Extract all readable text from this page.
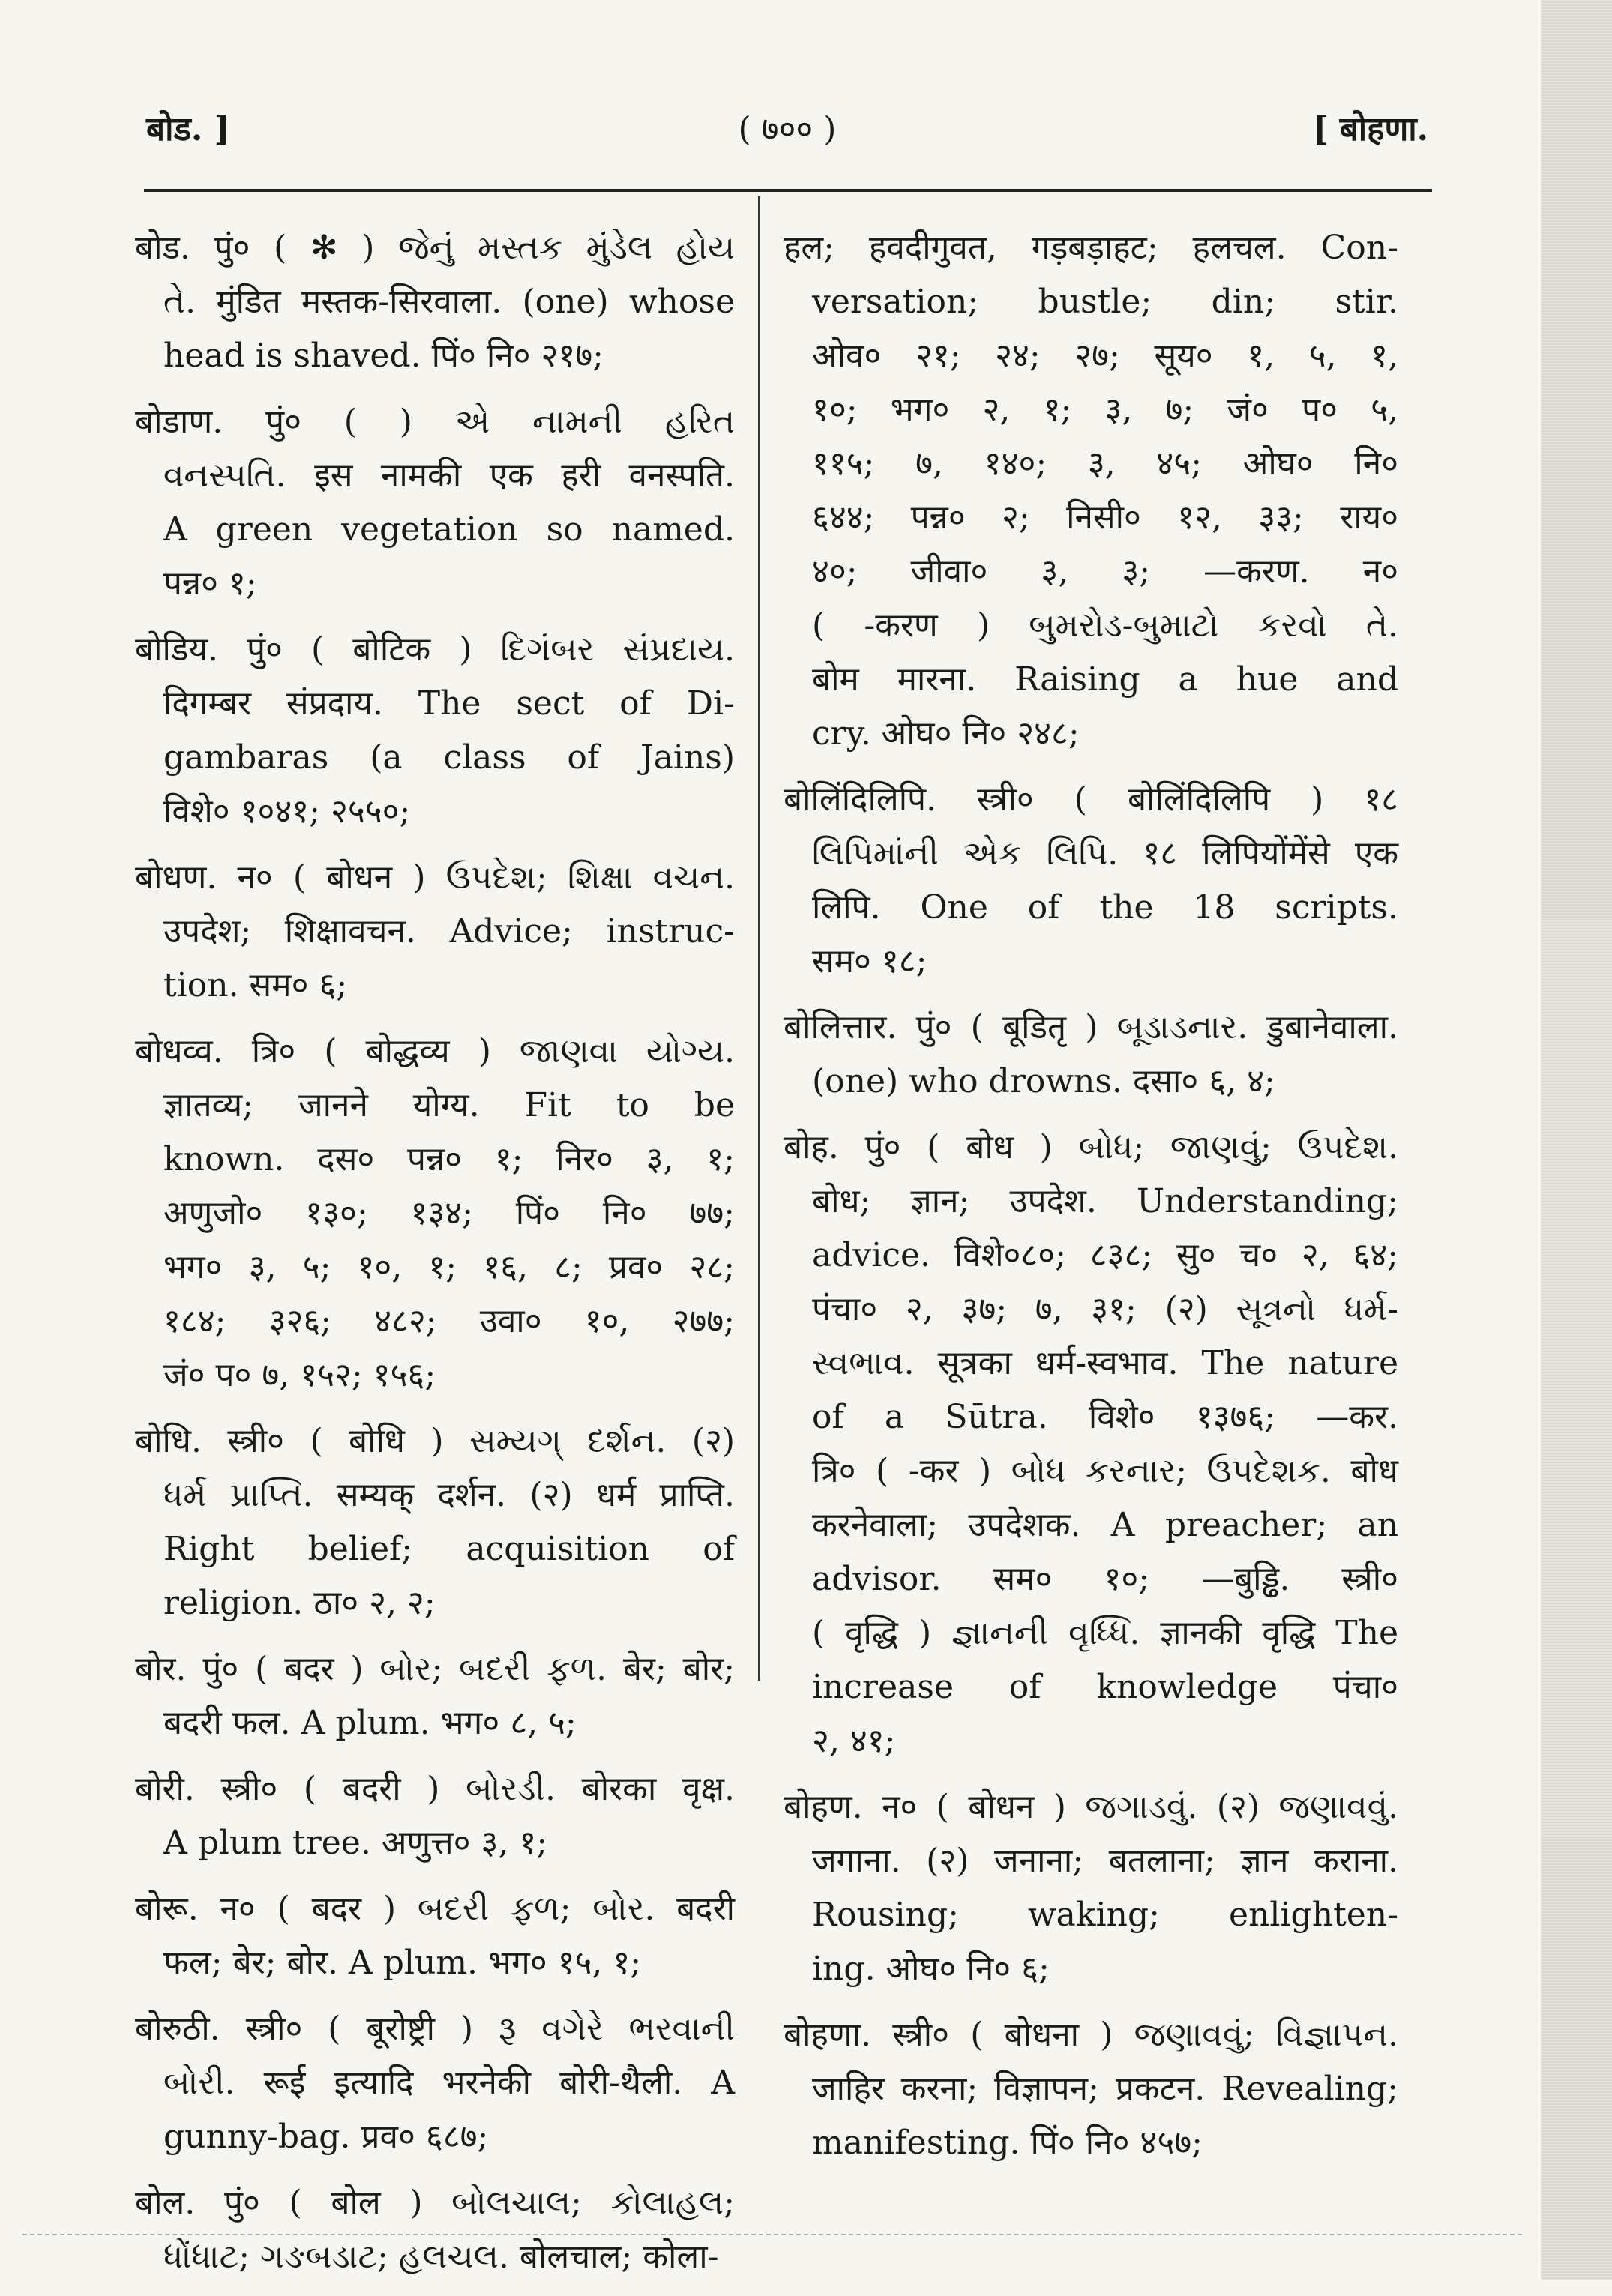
बोड. ]	( ७०० )	[ बोहणा.
बोड. पुं० ( ✻ ) જેનું મસ્તક મુંડેલ હોય
તે. मुंडित मस्तक-सिरवाला. (one) whose
head is shaved. पिं० नि० २१७;
बोडाण. पुं० ( ) એ નામની હરિત
વનસ્પતિ. इस नामकी एक हरी वनस्पति.
A green vegetation so named.
पन्न० १;
बोडिय. पुं० ( बोटिक ) દિગંબર સંપ્રદાય.
दिगम्बर संप्रदाय. The sect of Di-
gambaras (a class of Jains)
विशे० १०४१; २५५०;
बोधण. न० ( बोधन ) ઉપદેશ; શિક્ષા વચન.
उपदेश; शिक्षावचन. Advice; instruc-
tion. सम० ६;
बोधव्व. त्रि० ( बोद्धव्य ) જાણવા યોગ્ય.
ज्ञातव्य; जानने योग्य. Fit to be
known. दस० पन्न० १; निर० ३, १;
अणुजो० १३०; १३४; पिं० नि० ७७;
भग० ३, ५; १०, १; १६, ८; प्रव० २८;
१८४; ३२६; ४८२; उवा० १०, २७७;
जं० प० ७, १५२; १५६;
बोधि. स्त्री० ( बोधि ) સમ્યગ્ દર્શન. (२)
ધર્મ પ્રાપ્તિ. सम्यक् दर्शन. (२) धर्म प्राप्ति.
Right belief; acquisition of
religion. ठा० २, २;
बोर. पुं० ( बदर ) બોર; બદરી ફળ. बेर; बोर;
बदरी फल. A plum. भग० ८, ५;
बोरी. स्त्री० ( बदरी ) બોરડી. बोरका वृक्ष.
A plum tree. अणुत्त० ३, १;
बोरू. न० ( बदर ) બદરી ફળ; બોર. बदरी
फल; बेर; बोर. A plum. भग० १५, १;
बोरुठी. स्त्री० ( बूरोष्ट्री ) રૂ વગેરે ભરવાની
બોરી. रूई इत्यादि भरनेकी बोरी-थैली. A
gunny-bag. प्रव० ६८७;
बोल. पुं० ( बोल ) બોલચાલ; કોલાહલ;
ધોંધાટ; ગઙબડાટ; હલચલ. बोलचाल; कोला-
हल; हवदीगुवत, गड़बड़ाहट; हलचल. Con-
versation; bustle; din; stir.
ओव० २१; २४; २७; सूय० १, ५, १,
१०; भग० २, १; ३, ७; जं० प० ५,
११५; ७, १४०; ३, ४५; ओघ० नि०
६४४; पन्न० २; निसी० १२, ३३; राय०
४०; जीवा० ३, ३; —करण. न०
( -करण ) બુમરોડ-બુમાટો કરવો તે.
बोम मारना. Raising a hue and
cry. ओघ० नि० २४८;
बोलिंदिलिपि. स्त्री० ( बोलिंदिलिपि ) १८
લિપિમાંની એક લિપિ. १८ लिपियोंमेंसे एक
लिपि. One of the 18 scripts.
सम० १८;
बोलित्तार. पुं० ( बूडितृ ) બૂડાડનાર. डुबानेवाला.
(one) who drowns. दसा० ६, ४;
बोह. पुं० ( बोध ) બોધ; જાણવું; ઉપદેશ.
बोध; ज्ञान; उपदेश. Understanding;
advice. विशे०८०; ८३८; सु० च० २, ६४;
पंचा० २, ३७; ७, ३१; (२) સૂત્રનો ધર્મ-
સ્વભાવ. सूत्रका धर्म-स्वभाव. The nature
of a Sūtra. विशे० १३७६; —कर.
त्रि० ( -कर ) બોધ કરનાર; ઉપદેશક. बोध
करनेवाला; उपदेशक. A preacher; an
advisor. सम० १०; —बुड्ढि. स्त्री०
( वृद्धि ) જ્ઞાનની વૃધ્ધિ. ज्ञानकी वृद्धि The
increase of knowledge पंचा०
२, ४१;
बोहण. न० ( बोधन ) જગાડવું. (२) જણાવવું.
जगाना. (२) जनाना; बतलाना; ज्ञान कराना.
Rousing; waking; enlighten-
ing. ओघ० नि० ६;
बोहणा. स्त्री० ( बोधना ) જણાવવું; વિજ્ઞાપન.
जाहिर करना; विज्ञापन; प्रकटन. Revealing;
manifesting. पिं० नि० ४५७;
